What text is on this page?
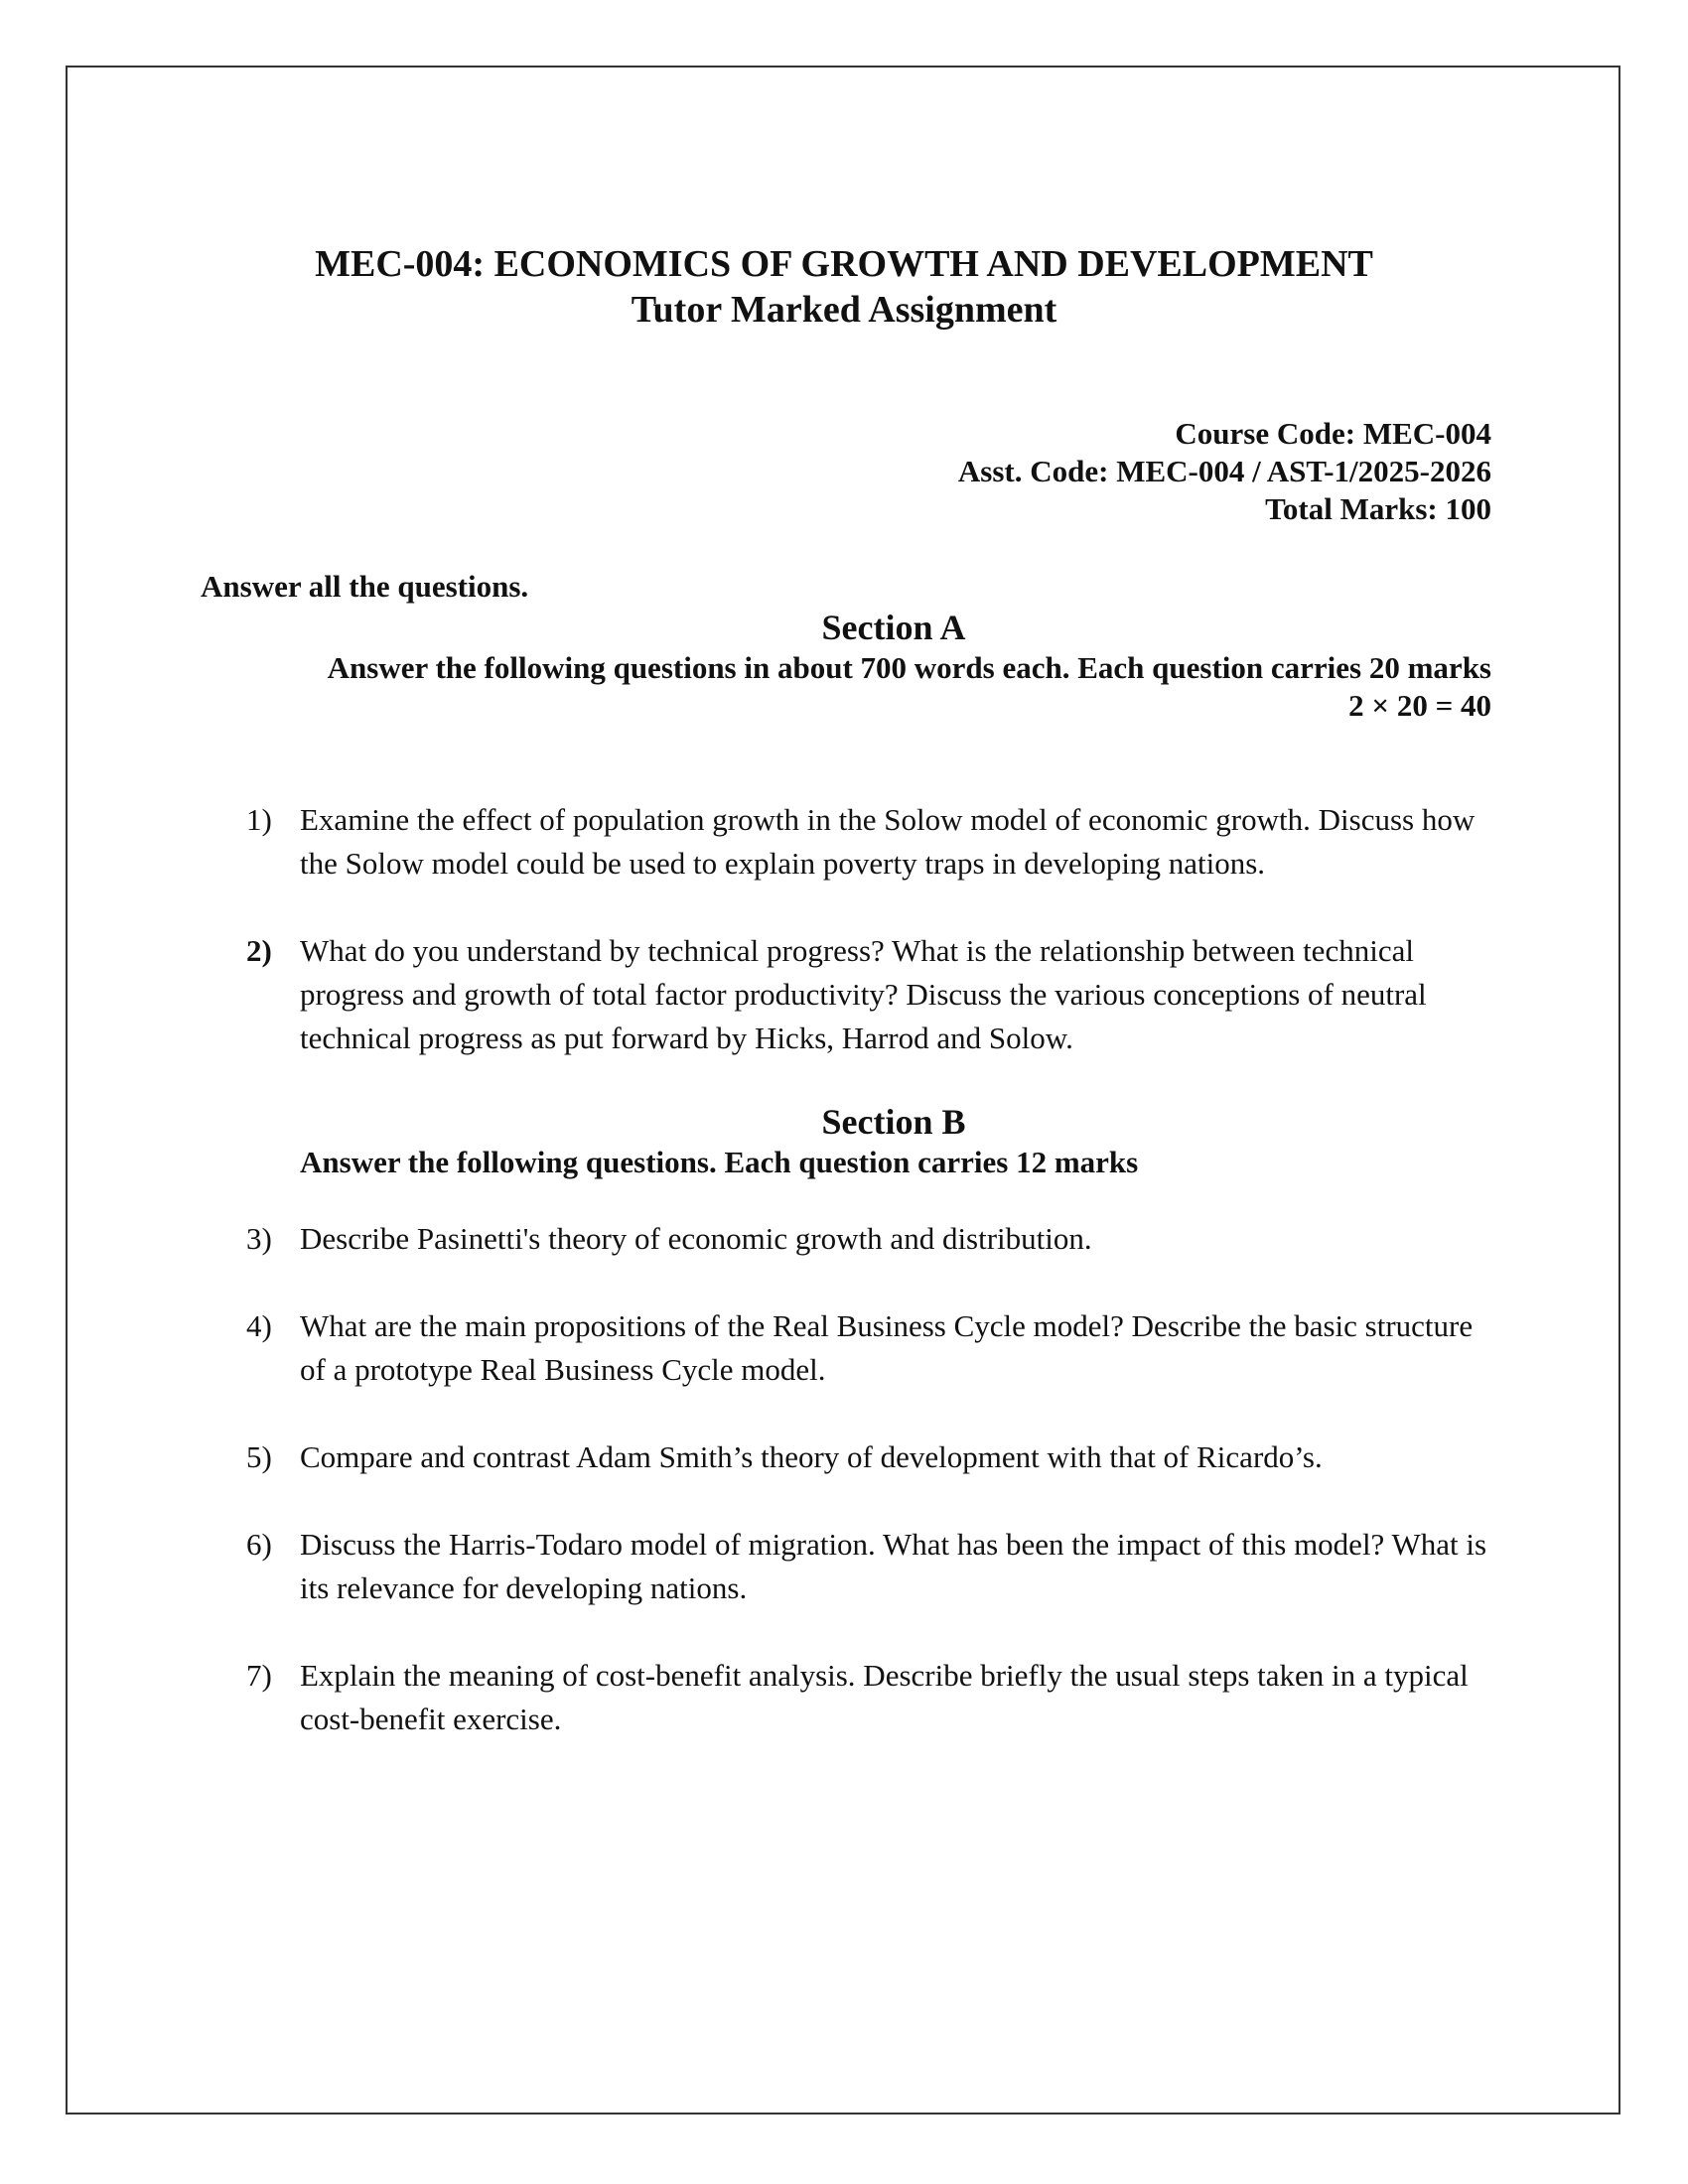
MEC-004: ECONOMICS OF GROWTH AND DEVELOPMENT
Tutor Marked Assignment
Course Code: MEC-004
Asst. Code: MEC-004 / AST-1/2025-2026
Total Marks: 100
Answer all the questions.
Section A
Answer the following questions in about 700 words each. Each question carries 20 marks
2 × 20 = 40
1) Examine the effect of population growth in the Solow model of economic growth. Discuss how the Solow model could be used to explain poverty traps in developing nations.
2) What do you understand by technical progress? What is the relationship between technical progress and growth of total factor productivity? Discuss the various conceptions of neutral technical progress as put forward by Hicks, Harrod and Solow.
Section B
Answer the following questions. Each question carries 12 marks
3) Describe Pasinetti's theory of economic growth and distribution.
4) What are the main propositions of the Real Business Cycle model? Describe the basic structure of a prototype Real Business Cycle model.
5) Compare and contrast Adam Smith’s theory of development with that of Ricardo’s.
6) Discuss the Harris-Todaro model of migration. What has been the impact of this model? What is its relevance for developing nations.
7) Explain the meaning of cost-benefit analysis. Describe briefly the usual steps taken in a typical cost-benefit exercise.
